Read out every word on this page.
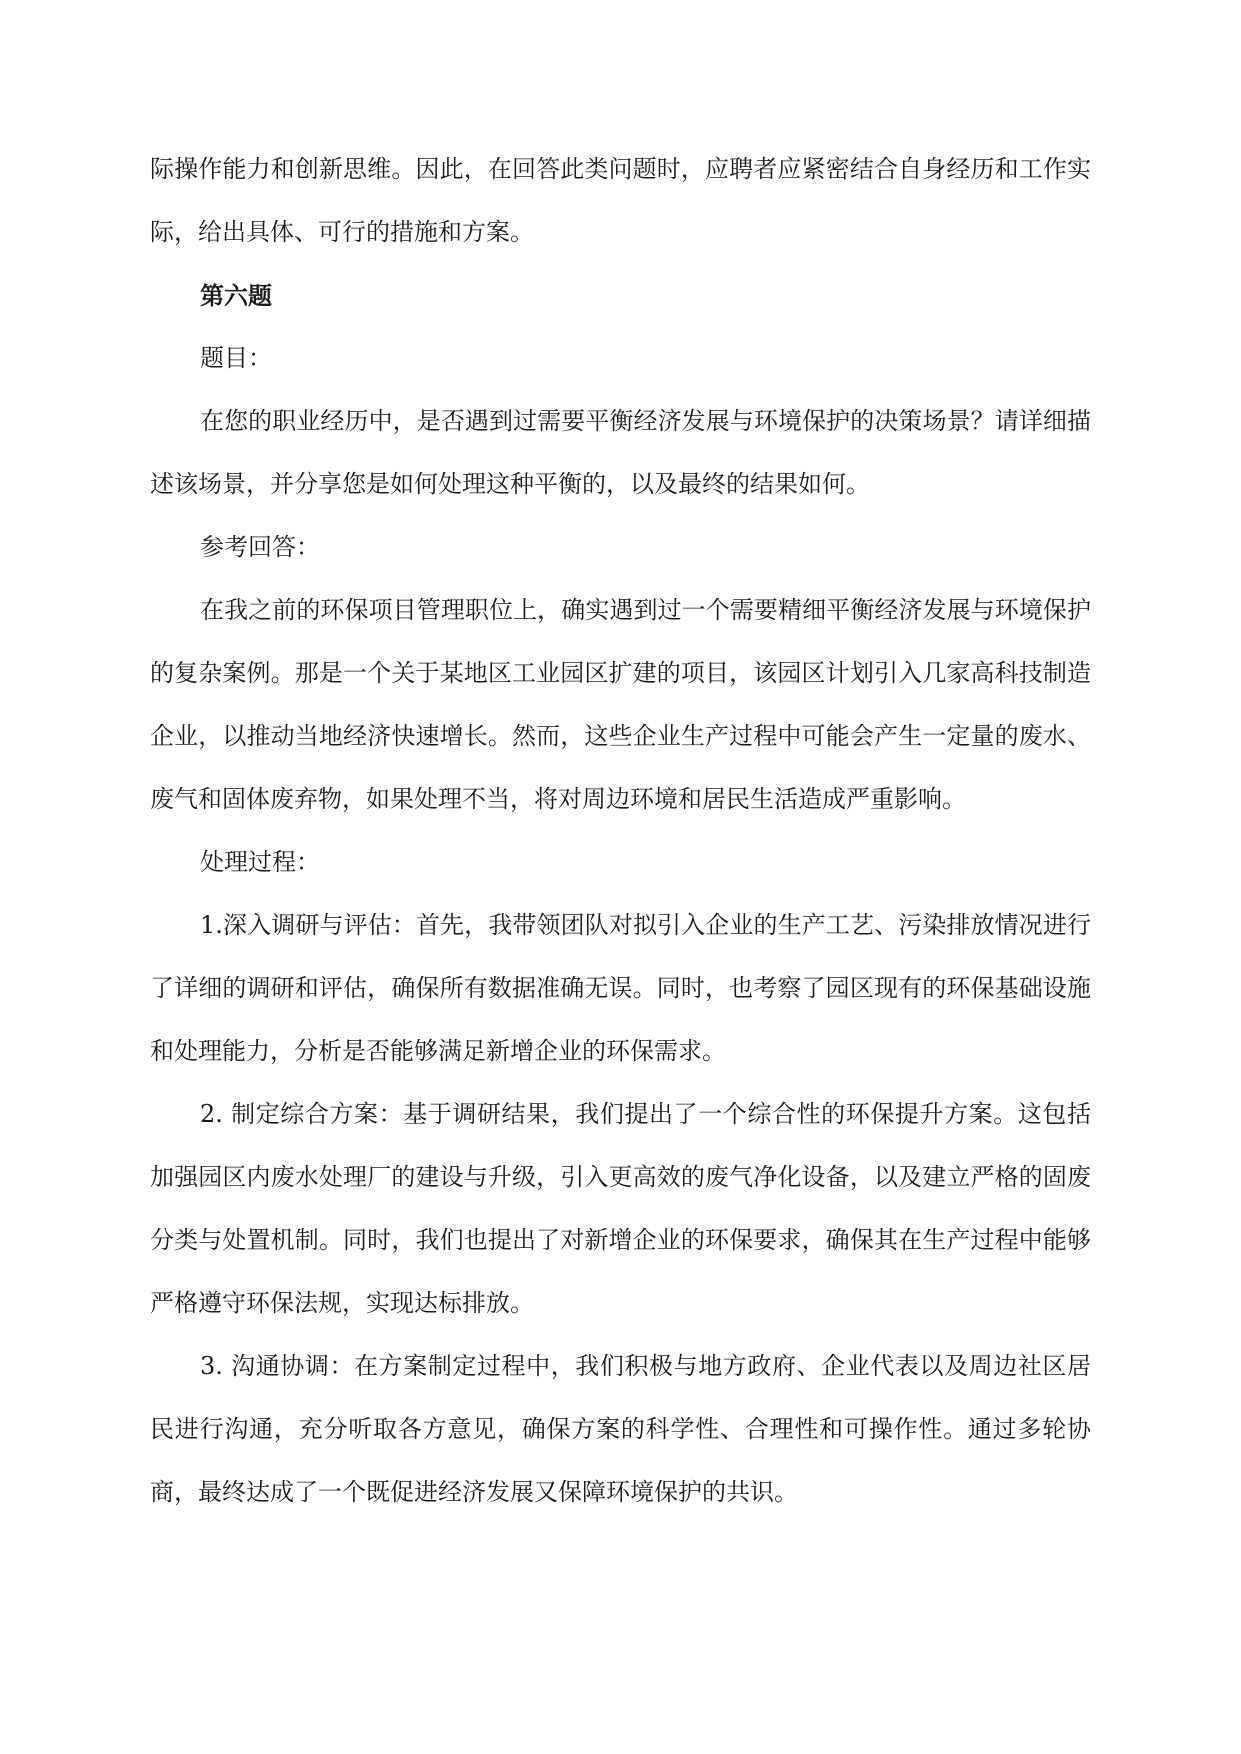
际操作能力和创新思维。因此，在回答此类问题时，应聘者应紧密结合自身经历和工作实际，给出具体、可行的措施和方案。

第六题

题目：

在您的职业经历中，是否遇到过需要平衡经济发展与环境保护的决策场景？请详细描述该场景，并分享您是如何处理这种平衡的，以及最终的结果如何。

参考回答：

在我之前的环保项目管理职位上，确实遇到过一个需要精细平衡经济发展与环境保护的复杂案例。那是一个关于某地区工业园区扩建的项目，该园区计划引入几家高科技制造企业，以推动当地经济快速增长。然而，这些企业生产过程中可能会产生一定量的废水、废气和固体废弃物，如果处理不当，将对周边环境和居民生活造成严重影响。

处理过程：

1.深入调研与评估：首先，我带领团队对拟引入企业的生产工艺、污染排放情况进行了详细的调研和评估，确保所有数据准确无误。同时，也考察了园区现有的环保基础设施和处理能力，分析是否能够满足新增企业的环保需求。

2. 制定综合方案：基于调研结果，我们提出了一个综合性的环保提升方案。这包括加强园区内废水处理厂的建设与升级，引入更高效的废气净化设备，以及建立严格的固废分类与处置机制。同时，我们也提出了对新增企业的环保要求，确保其在生产过程中能够严格遵守环保法规，实现达标排放。

3. 沟通协调：在方案制定过程中，我们积极与地方政府、企业代表以及周边社区居民进行沟通，充分听取各方意见，确保方案的科学性、合理性和可操作性。通过多轮协商，最终达成了一个既促进经济发展又保障环境保护的共识。
